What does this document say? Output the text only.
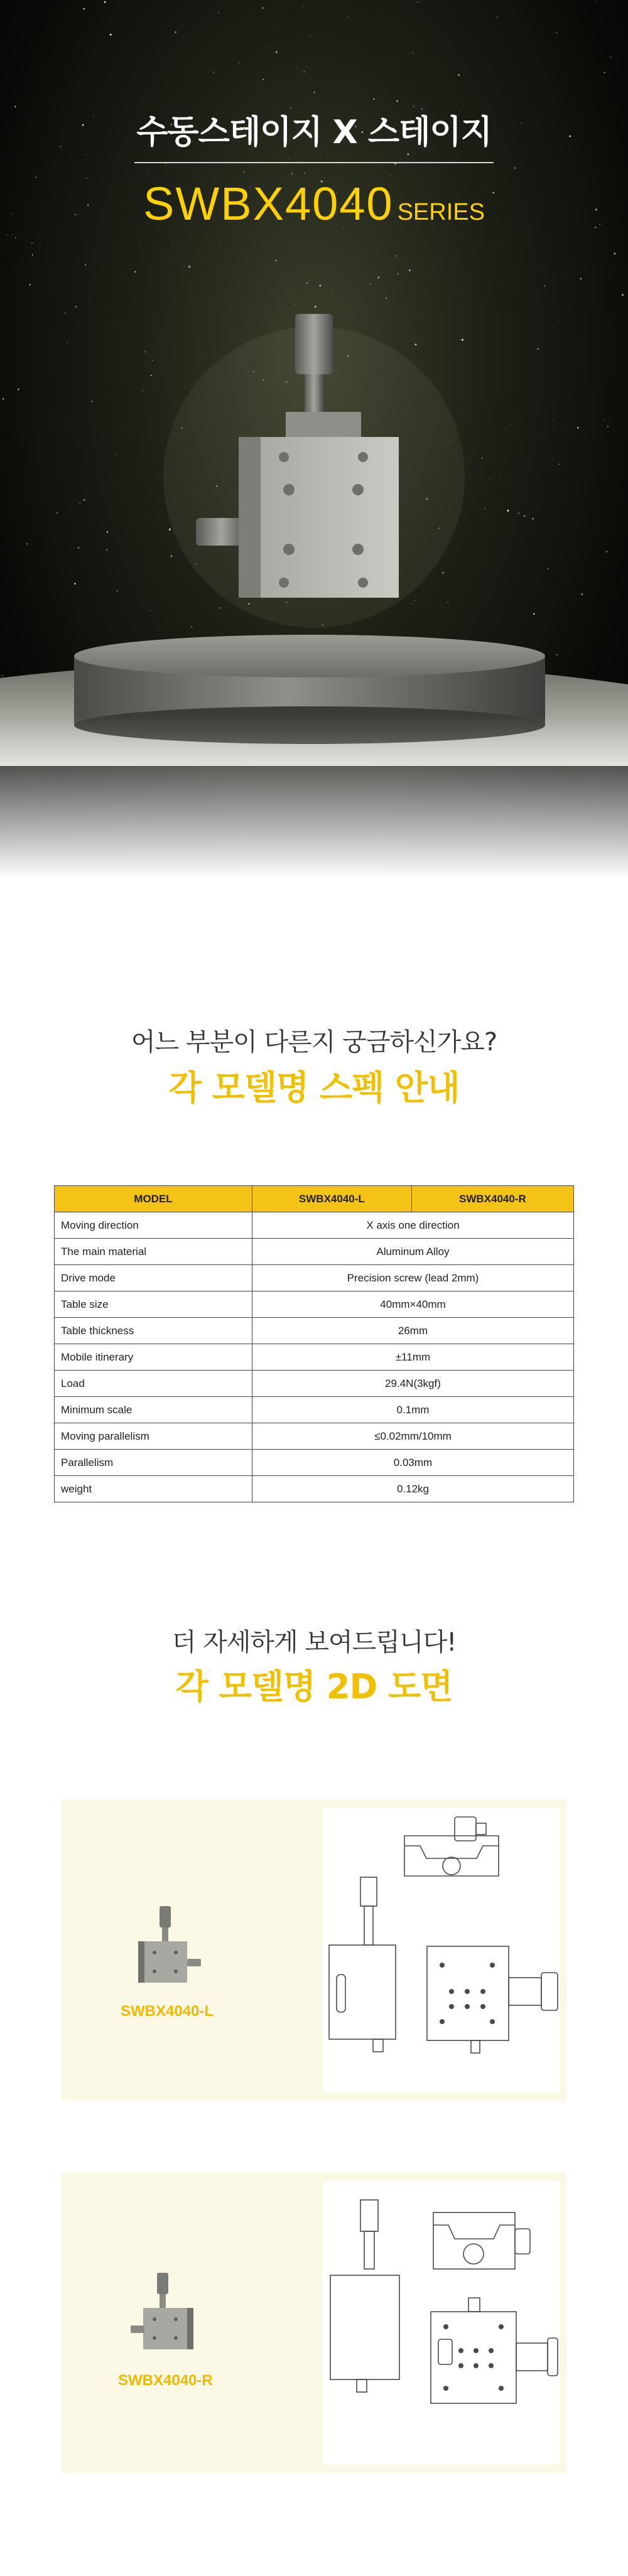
수동스테이지 X 스테이지
SWBX4040 SERIES
어느 부분이 다른지 궁금하신가요?
각 모델명 스펙 안내
MODEL	SWBX4040-L	SWBX4040-R
Moving direction	X axis one direction	
The main material	Aluminum Alloy	
Drive mode	Precision screw (lead 2mm)	
Table size	40mm×40mm	
Table thickness	26mm	
Mobile itinerary	±11mm	
Load	29.4N(3kgf)	
Minimum scale	0.1mm	
Moving parallelism	≤0.02mm/10mm	
Parallelism	0.03mm	
weight	0.12kg	
더 자세하게 보여드립니다!
각 모델명 2D 도면
SWBX4040-L
SWBX4040-R
